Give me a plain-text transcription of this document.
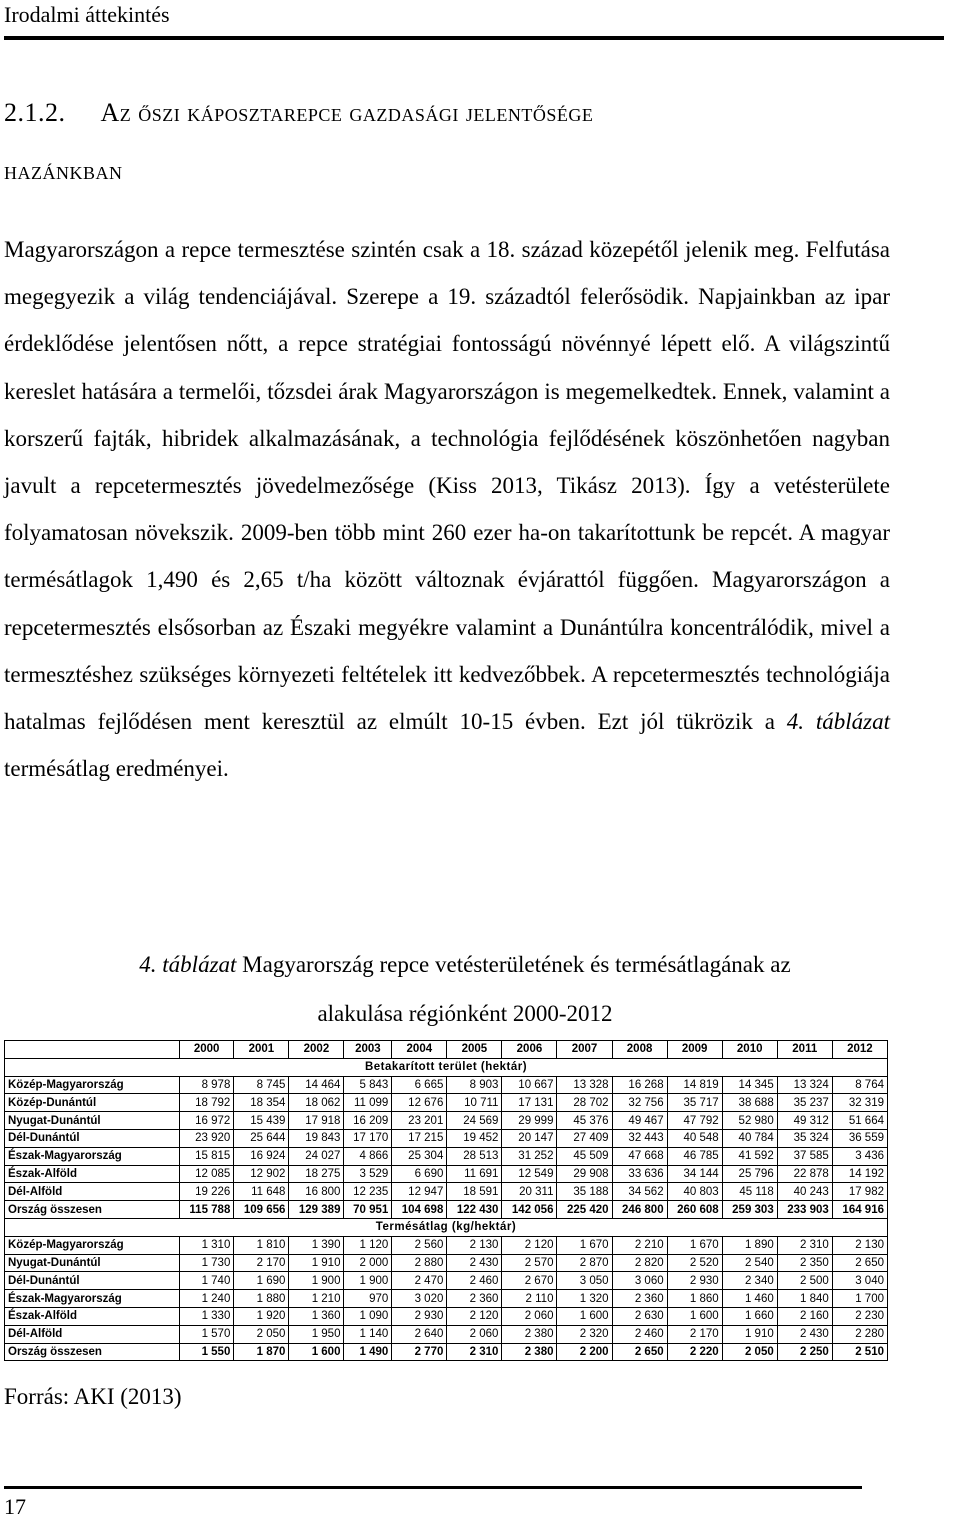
Irodalmi áttekintés
2.1.2. Az őszi káposztarepce gazdasági jelentősége
hazánkban
Magyarországon a repce termesztése szintén csak a 18. század közepétől jelenik meg. Felfutása megegyezik a világ tendenciájával. Szerepe a 19. századtól felerősödik. Napjainkban az ipar érdeklődése jelentősen nőtt, a repce stratégiai fontosságú növénnyé lépett elő. A világszintű kereslet hatására a termelői, tőzsdei árak Magyarországon is megemelkedtek. Ennek, valamint a korszerű fajták, hibridek alkalmazásának, a technológia fejlődésének köszönhetően nagyban javult a repcetermesztés jövedelmezősége (Kiss 2013, Tikász 2013). Így a vetésterülete folyamatosan növekszik. 2009-ben több mint 260 ezer ha-on takarítottunk be repcét. A magyar termésátlagok 1,490 és 2,65 t/ha között változnak évjárattól függően. Magyarországon a repcetermesztés elsősorban az Északi megyékre valamint a Dunántúlra koncentrálódik, mivel a termesztéshez szükséges környezeti feltételek itt kedvezőbbek. A repcetermesztés technológiája hatalmas fejlődésen ment keresztül az elmúlt 10-15 évben. Ezt jól tükrözik a 4. táblázat termésátlag eredményei.
4. táblázat Magyarország repce vetésterületének és termésátlagának az
alakulása régiónként 2000-2012
	2000	2001	2002	2003	2004	2005	2006	2007	2008	2009	2010	2011	2012
Betakarított terület (hektár)													
Közép-Magyarország	8 978	8 745	14 464	5 843	6 665	8 903	10 667	13 328	16 268	14 819	14 345	13 324	8 764
Közép-Dunántúl	18 792	18 354	18 062	11 099	12 676	10 711	17 131	28 702	32 756	35 717	38 688	35 237	32 319
Nyugat-Dunántúl	16 972	15 439	17 918	16 209	23 201	24 569	29 999	45 376	49 467	47 792	52 980	49 312	51 664
Dél-Dunántúl	23 920	25 644	19 843	17 170	17 215	19 452	20 147	27 409	32 443	40 548	40 784	35 324	36 559
Észak-Magyarország	15 815	16 924	24 027	4 866	25 304	28 513	31 252	45 509	47 668	46 785	41 592	37 585	3 436
Észak-Alföld	12 085	12 902	18 275	3 529	6 690	11 691	12 549	29 908	33 636	34 144	25 796	22 878	14 192
Dél-Alföld	19 226	11 648	16 800	12 235	12 947	18 591	20 311	35 188	34 562	40 803	45 118	40 243	17 982
Ország összesen	115 788	109 656	129 389	70 951	104 698	122 430	142 056	225 420	246 800	260 608	259 303	233 903	164 916
Termésátlag (kg/hektár)													
Közép-Magyarország	1 310	1 810	1 390	1 120	2 560	2 130	2 120	1 670	2 210	1 670	1 890	2 310	2 130
Nyugat-Dunántúl	1 730	2 170	1 910	2 000	2 880	2 430	2 570	2 870	2 820	2 520	2 540	2 350	2 650
Dél-Dunántúl	1 740	1 690	1 900	1 900	2 470	2 460	2 670	3 050	3 060	2 930	2 340	2 500	3 040
Észak-Magyarország	1 240	1 880	1 210	970	3 020	2 360	2 110	1 320	2 360	1 860	1 460	1 840	1 700
Észak-Alföld	1 330	1 920	1 360	1 090	2 930	2 120	2 060	1 600	2 630	1 600	1 660	2 160	2 230
Dél-Alföld	1 570	2 050	1 950	1 140	2 640	2 060	2 380	2 320	2 460	2 170	1 910	2 430	2 280
Ország összesen	1 550	1 870	1 600	1 490	2 770	2 310	2 380	2 200	2 650	2 220	2 050	2 250	2 510
Forrás: AKI (2013)
17
